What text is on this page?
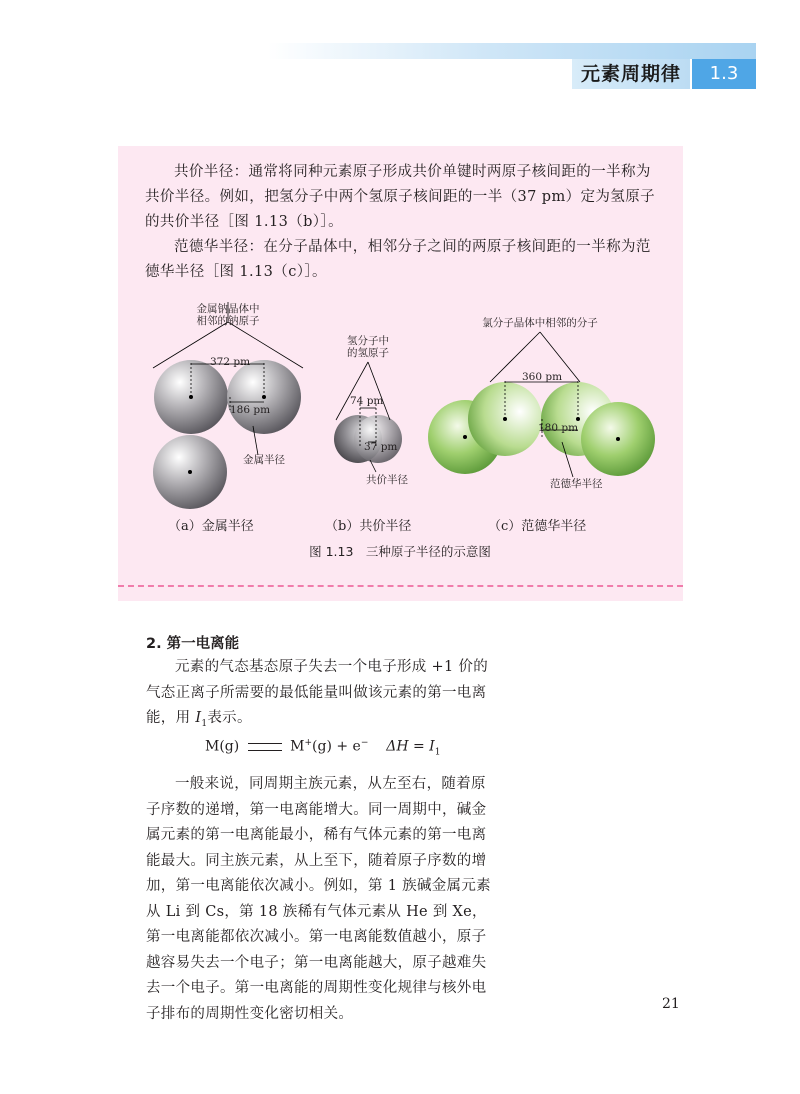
元素周期律	1.3

共价半径：通常将同种元素原子形成共价单键时两原子核间距的一半称为共价半径。例如，把氢分子中两个氢原子核间距的一半（37 pm）定为氢原子的共价半径［图 1.13（b）］。

范德华半径：在分子晶体中，相邻分子之间的两原子核间距的一半称为范德华半径［图 1.13（c）］。

金属钠晶体中
相邻的钠原子
372 pm
186 pm
金属半径
（a）金属半径
氢分子中
的氢原子
74 pm
37 pm
共价半径
（b）共价半径
氯分子晶体中相邻的分子
360 pm
180 pm
范德华半径
（c）范德华半径
图 1.13　三种原子半径的示意图
2. 第一电离能

元素的气态基态原子失去一个电子形成 +1 价的气态正离子所需要的最低能量叫做该元素的第一电离能，用 $I_1$表示。

M(g)	M+(g) + e− $\Delta H = I_1$

一般来说，同周期主族元素，从左至右，随着原子序数的递增，第一电离能增大。同一周期中，碱金属元素的第一电离能最小，稀有气体元素的第一电离能最大。同主族元素，从上至下，随着原子序数的增加，第一电离能依次减小。例如，第 1 族碱金属元素从 Li 到 Cs，第 18 族稀有气体元素从 He 到 Xe，第一电离能都依次减小。第一电离能数值越小，原子越容易失去一个电子；第一电离能越大，原子越难失去一个电子。第一电离能的周期性变化规律与核外电子排布的周期性变化密切相关。

21
